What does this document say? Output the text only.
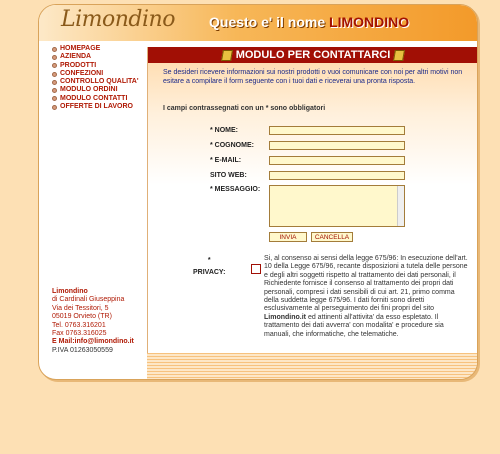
Limondino Questo e' il nome LIMONDINO
HOMEPAGE
AZIENDA
PRODOTTI
CONFEZIONI
CONTROLLO QUALITA'
MODULO ORDINI
MODULO CONTATTI
OFFERTE DI LAVORO
Limondino
di Cardinali Giuseppina
Via dei Tessitori, 5
05019 Orvieto (TR)
Tel. 0763.316201
Fax 0763.316025
E Mail:info@limondino.it
P.IVA 01263050559
MODULO PER CONTATTARCI
Se desideri ricevere informazioni sui nostri prodotti o vuoi comunicare con noi per altri motivi non esitare a compilare il form seguente con i tuoi dati e riceverai una pronta risposta.
I campi contrassegnati con un * sono obbligatori
* NOME:
* COGNOME:
* E-MAIL:
SITO WEB:
* MESSAGGIO:
INVIA	CANCELLA
*
PRIVACY:
Si, al consenso ai sensi della legge 675/96: In esecuzione dell'art. 10 della Legge 675/96, recante disposizioni a tutela delle persone e degli altri soggetti rispetto al trattamento dei dati personali, il Richiedente fornisce il consenso al trattamento dei propri dati personali, compresi i dati sensibili di cui art. 21, primo comma della suddetta legge 675/96. I dati forniti sono diretti esclusivamente al perseguimento dei fini propri del sito Limondino.it ed attinenti all'attivita' da esso espletato. Il trattamento dei dati avverra' con modalita' e procedure sia manuali, che informatiche, che telematiche.
